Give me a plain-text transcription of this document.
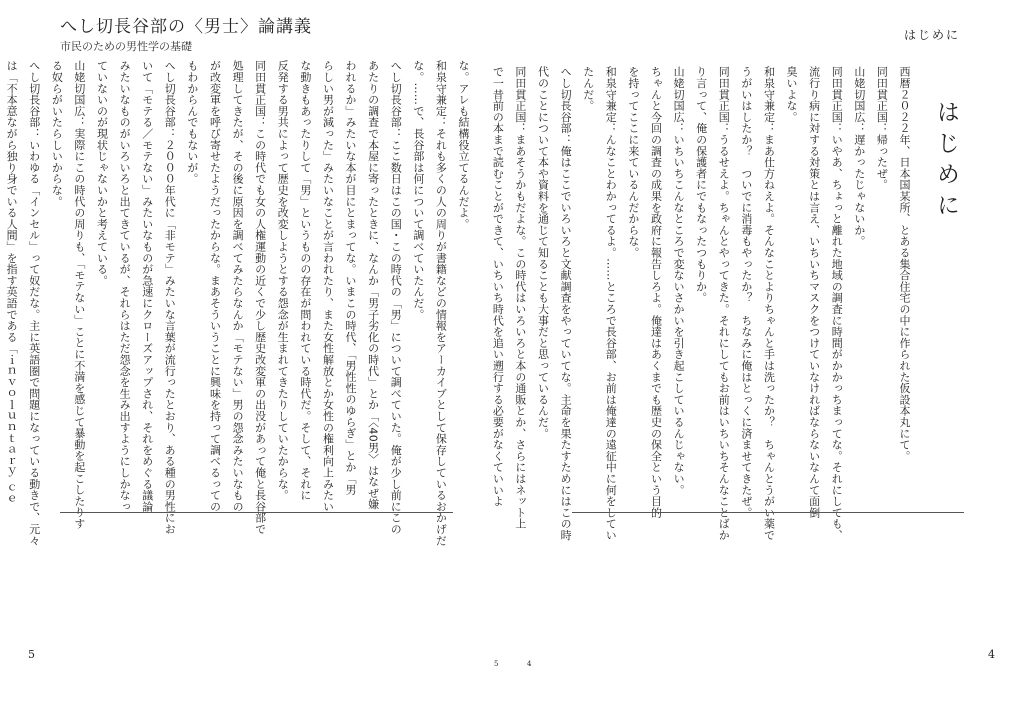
へし切長谷部の〈男士〉論講義
市民のための男性学の基礎
はじめに
な。アレも結構役立てるんだよ。
和泉守兼定：それも多くの人の周りが書籍などの情報をアーカイブとして保存しているおかげだ
な。……で、長谷部は何について調べていたんだ。
へし切長谷部：ここ数日はこの国・この時代の「男」について調べていた。俺が少し前にこの
あたりの調査で本屋に寄ったときに、なんか「男子劣化の時代」とか「〈40男〉はなぜ嫌
われるか」みたいな本が目にとまってな。いまこの時代、「男性性のゆらぎ」とか「男
らしい男が減った」みたいなことが言われたり、また女性解放とか女性の権利向上みたい
な動きもあったりして「男」というものの存在が問われている時代だ。そして、それに
反発する男共によって歴史を改変しようとする怨念が生まれてきたりしていたからな。
同田貫正国：この時代でも女の人権運動の近くで少し歴史改変軍の出没があって俺と長谷部で
処理してきたが、その後に原因を調べてみたらなんか「モテない」男の怨念みたいなもの
が改変軍を呼び寄せたようだったからな。まあそういうことに興味を持って調べるっての
もわからんでもないが。
へし切長谷部：２０００年代に「非モテ」みたいな言葉が流行ったとおり、ある種の男性にお
いて「モテる／モテない」みたいなものが急速にクローズアップされ、それをめぐる議論
みたいなものがいろいろと出てきているが、それらはただ怨念を生み出すようにしかなっ
ていないのが現状じゃないかと考えている。
山姥切国広：実際にこの時代の周りも、「モテない」ことに不満を感じて暴動を起こしたりす
る奴らがいたらしいからな。
へし切長谷部：いわゆる「インセル」って奴だな。主に英語圏で問題になっている動きで、元々
は「不本意ながら独り身でいる人間」を指す英語である「ｉｎｖｏｌｕｎｔａｒｙ ｃｅ	はじめに
西暦２０２２年、日本国某所、とある集合住宅の中に作られた仮設本丸にて。
同田貫正国：帰ったぜ。
山姥切国広：遅かったじゃないか。
同田貫正国：いやあ、ちょっと離れた地域の調査に時間がかかっちまってな。それにしても、
流行り病に対する対策とは言え、いちいちマスクをつけていなければならないなんて面倒
臭いよな。
和泉守兼定：まあ仕方ねえよ。そんなことよりちゃんと手は洗ったか？　ちゃんとうがい薬で
うがいはしたか？　ついでに消毒もやったか？　ちなみに俺はとっくに済ませてきたぜ。
同田貫正国：うるせえよ。ちゃんとやってきた。それにしてもお前はいちいちそんなことばか
り言って、俺の保護者にでもなったつもりか。
山姥切国広：いちいちこんなところで変ないさかいを引き起こしているんじゃない。
ちゃんと今回の調査の成果を政府に報告しろよ。俺達はあくまでも歴史の保全という目的
を持ってここに来ているんだからな。
和泉守兼定：んなことわかってるよ。……ところで長谷部、お前は俺達の遠征中に何をしてい
たんだ。
へし切長谷部：俺はここでいろいろと文献調査をやっていてな。主命を果たすためにはこの時
代のことについて本や資料を通じて知ることも大事だと思っているんだ。
同田貫正国：まあそうかもだよな。この時代はいろいろと本の通販とか、さらにはネット上
で一昔前の本まで読むことができて、いちいち時代を追い遡行する必要がなくていいよ
5	4
5	4
